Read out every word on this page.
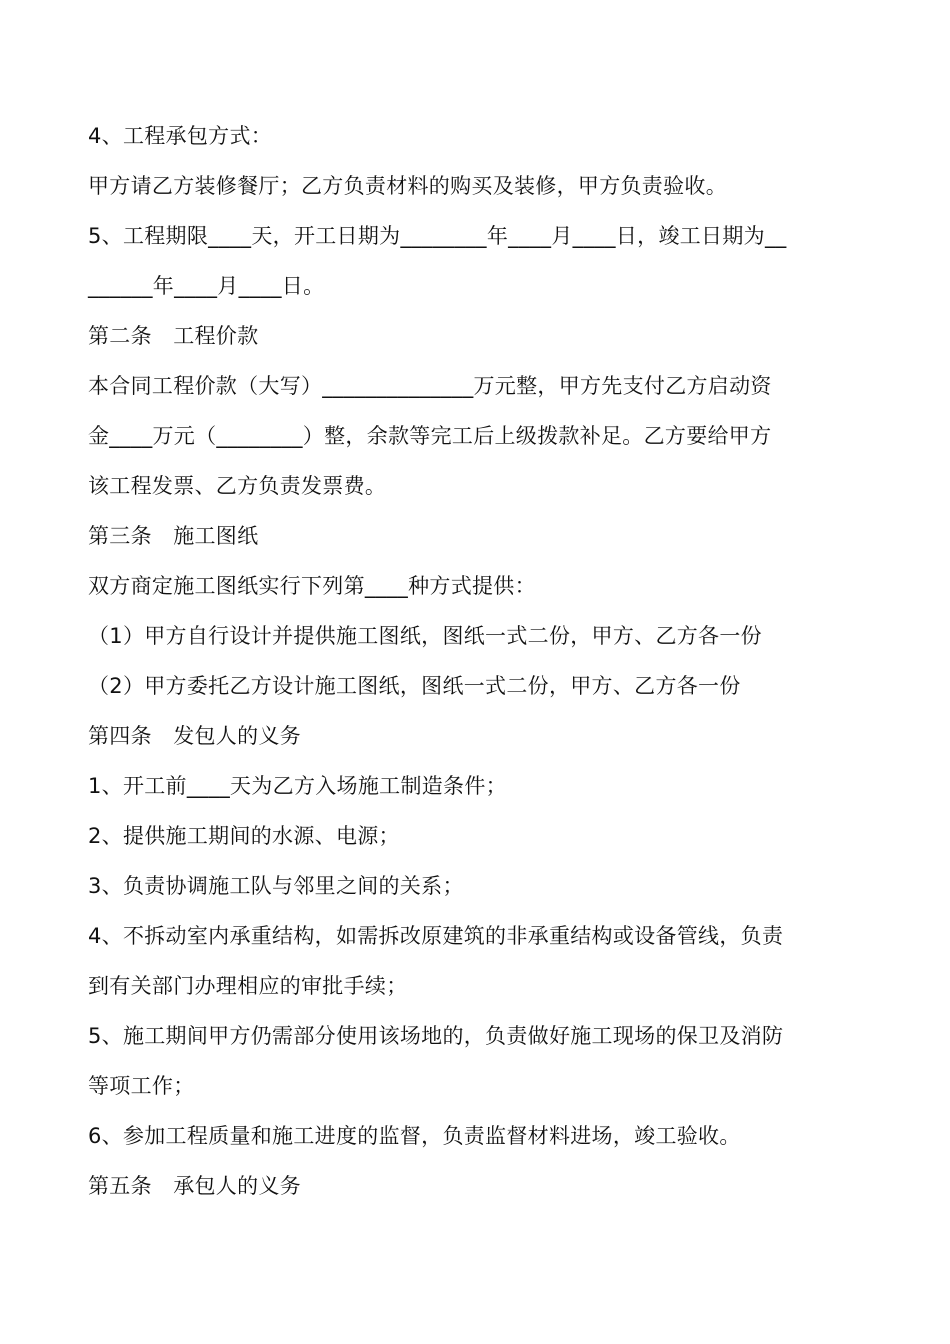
4、工程承包方式：
甲方请乙方装修餐厅；乙方负责材料的购买及装修，甲方负责验收。
5、工程期限____天，开工日期为________年____月____日，竣工日期为__
______年____月____日。
第二条　工程价款
本合同工程价款（大写）______________万元整，甲方先支付乙方启动资
金____万元（________）整，余款等完工后上级拨款补足。乙方要给甲方
该工程发票、乙方负责发票费。
第三条　施工图纸
双方商定施工图纸实行下列第____种方式提供：
（1）甲方自行设计并提供施工图纸，图纸一式二份，甲方、乙方各一份
（2）甲方委托乙方设计施工图纸，图纸一式二份，甲方、乙方各一份
第四条　发包人的义务
1、开工前____天为乙方入场施工制造条件；
2、提供施工期间的水源、电源；
3、负责协调施工队与邻里之间的关系；
4、不拆动室内承重结构，如需拆改原建筑的非承重结构或设备管线，负责
到有关部门办理相应的审批手续；
5、施工期间甲方仍需部分使用该场地的，负责做好施工现场的保卫及消防
等项工作；
6、参加工程质量和施工进度的监督，负责监督材料进场，竣工验收。
第五条　承包人的义务
